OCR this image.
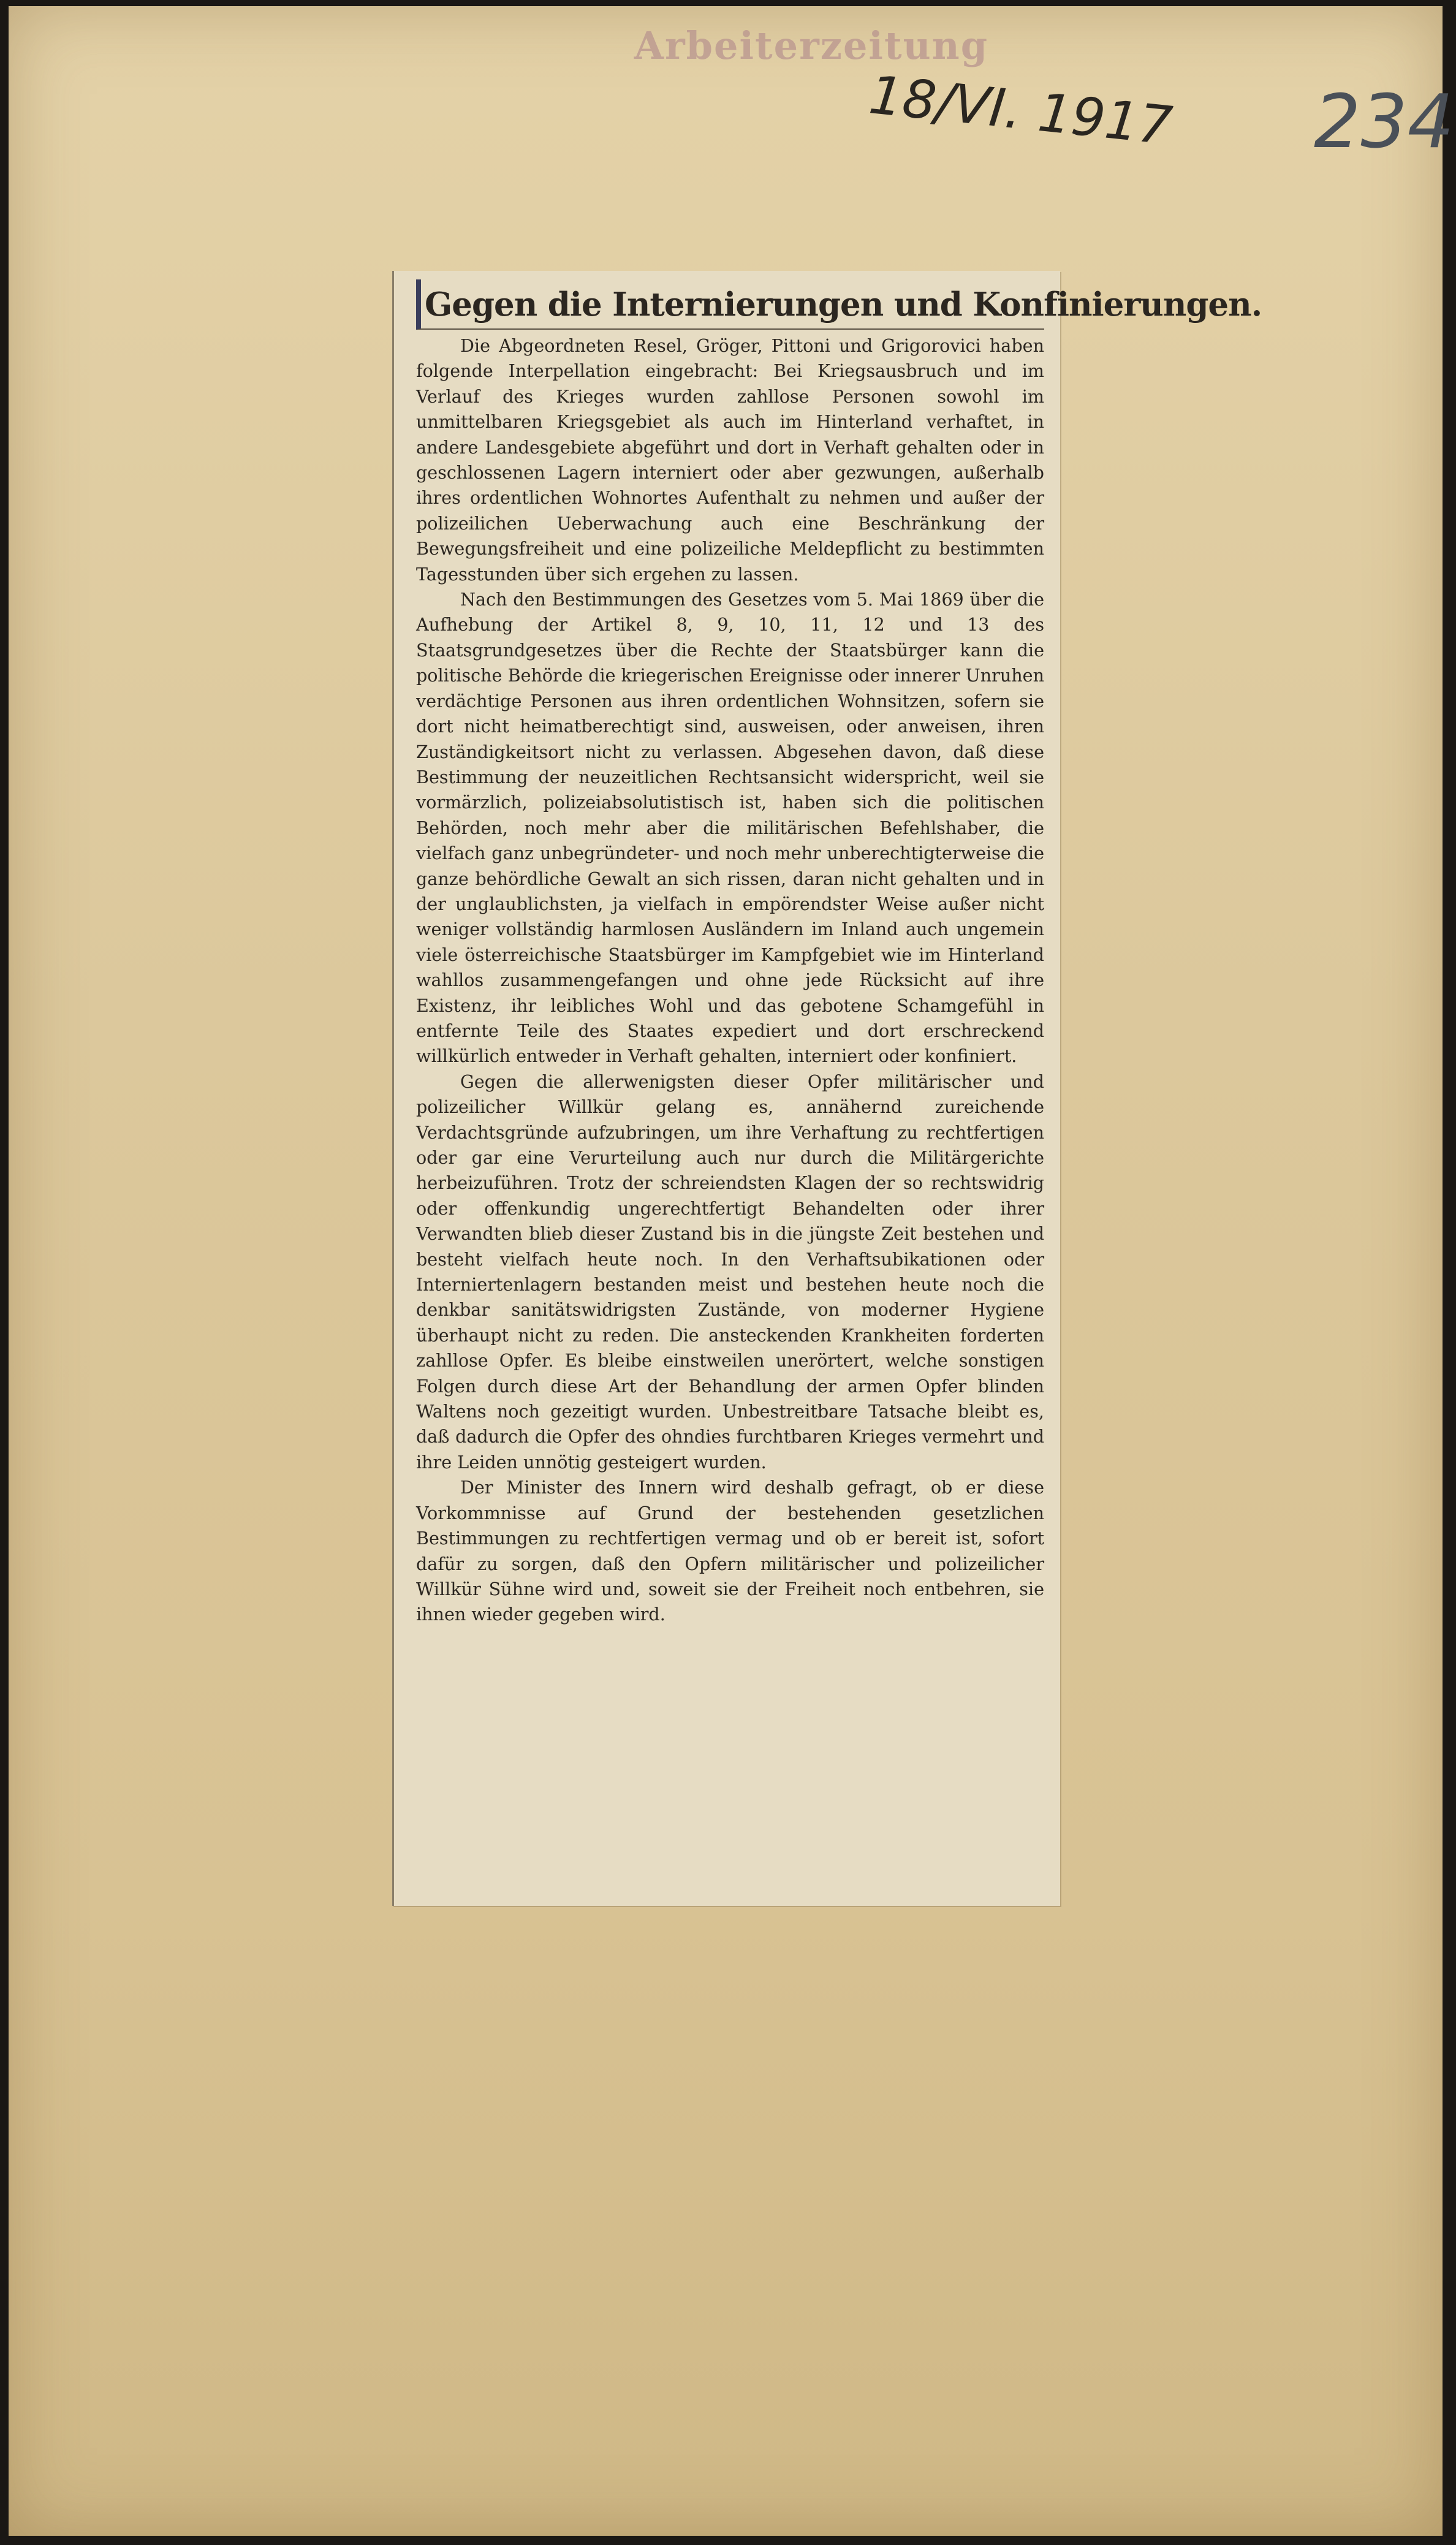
Arbeiterzeitung
18/VI. 1917 234
Gegen die Internierungen und Konfinierungen.

Die Abgeordneten Resel, Gröger, Pittoni und Grigorovici haben folgende Interpellation eingebracht: Bei Kriegsausbruch und im Verlauf des Krieges wurden zahllose Personen sowohl im unmittelbaren Kriegsgebiet als auch im Hinterland verhaftet, in andere Landesgebiete abgeführt und dort in Verhaft gehalten oder in geschlossenen Lagern interniert oder aber gezwungen, außerhalb ihres ordentlichen Wohnortes Aufenthalt zu nehmen und außer der polizeilichen Ueberwachung auch eine Beschränkung der Bewegungsfreiheit und eine polizeiliche Meldepflicht zu bestimmten Tagesstunden über sich ergehen zu lassen.

Nach den Bestimmungen des Gesetzes vom 5. Mai 1869 über die Aufhebung der Artikel 8, 9, 10, 11, 12 und 13 des Staatsgrundgesetzes über die Rechte der Staatsbürger kann die politische Behörde die kriegerischen Ereignisse oder innerer Unruhen verdächtige Personen aus ihren ordentlichen Wohnsitzen, sofern sie dort nicht heimatberechtigt sind, ausweisen, oder anweisen, ihren Zuständigkeitsort nicht zu verlassen. Abgesehen davon, daß diese Bestimmung der neuzeitlichen Rechtsansicht widerspricht, weil sie vormärzlich, polizeiabsolutistisch ist, haben sich die politischen Behörden, noch mehr aber die militärischen Befehlshaber, die vielfach ganz unbegründeter- und noch mehr unberechtigterweise die ganze behördliche Gewalt an sich rissen, daran nicht gehalten und in der unglaublichsten, ja vielfach in empörendster Weise außer nicht weniger vollständig harmlosen Ausländern im Inland auch ungemein viele österreichische Staatsbürger im Kampfgebiet wie im Hinterland wahllos zusammengefangen und ohne jede Rücksicht auf ihre Existenz, ihr leibliches Wohl und das gebotene Schamgefühl in entfernte Teile des Staates expediert und dort erschreckend willkürlich entweder in Verhaft gehalten, interniert oder konfiniert.

Gegen die allerwenigsten dieser Opfer militärischer und polizeilicher Willkür gelang es, annähernd zureichende Verdachtsgründe aufzubringen, um ihre Verhaftung zu rechtfertigen oder gar eine Verurteilung auch nur durch die Militärgerichte herbeizuführen. Trotz der schreiendsten Klagen der so rechtswidrig oder offenkundig ungerechtfertigt Behandelten oder ihrer Verwandten blieb dieser Zustand bis in die jüngste Zeit bestehen und besteht vielfach heute noch. In den Verhaftsubikationen oder Interniertenlagern bestanden meist und bestehen heute noch die denkbar sanitätswidrigsten Zustände, von moderner Hygiene überhaupt nicht zu reden. Die ansteckenden Krankheiten forderten zahllose Opfer. Es bleibe einstweilen unerörtert, welche sonstigen Folgen durch diese Art der Behandlung der armen Opfer blinden Waltens noch gezeitigt wurden. Unbestreitbare Tatsache bleibt es, daß dadurch die Opfer des ohndies furchtbaren Krieges vermehrt und ihre Leiden unnötig gesteigert wurden.

Der Minister des Innern wird deshalb gefragt, ob er diese Vorkommnisse auf Grund der bestehenden gesetzlichen Bestimmungen zu rechtfertigen vermag und ob er bereit ist, sofort dafür zu sorgen, daß den Opfern militärischer und polizeilicher Willkür Sühne wird und, soweit sie der Freiheit noch entbehren, sie ihnen wieder gegeben wird.
